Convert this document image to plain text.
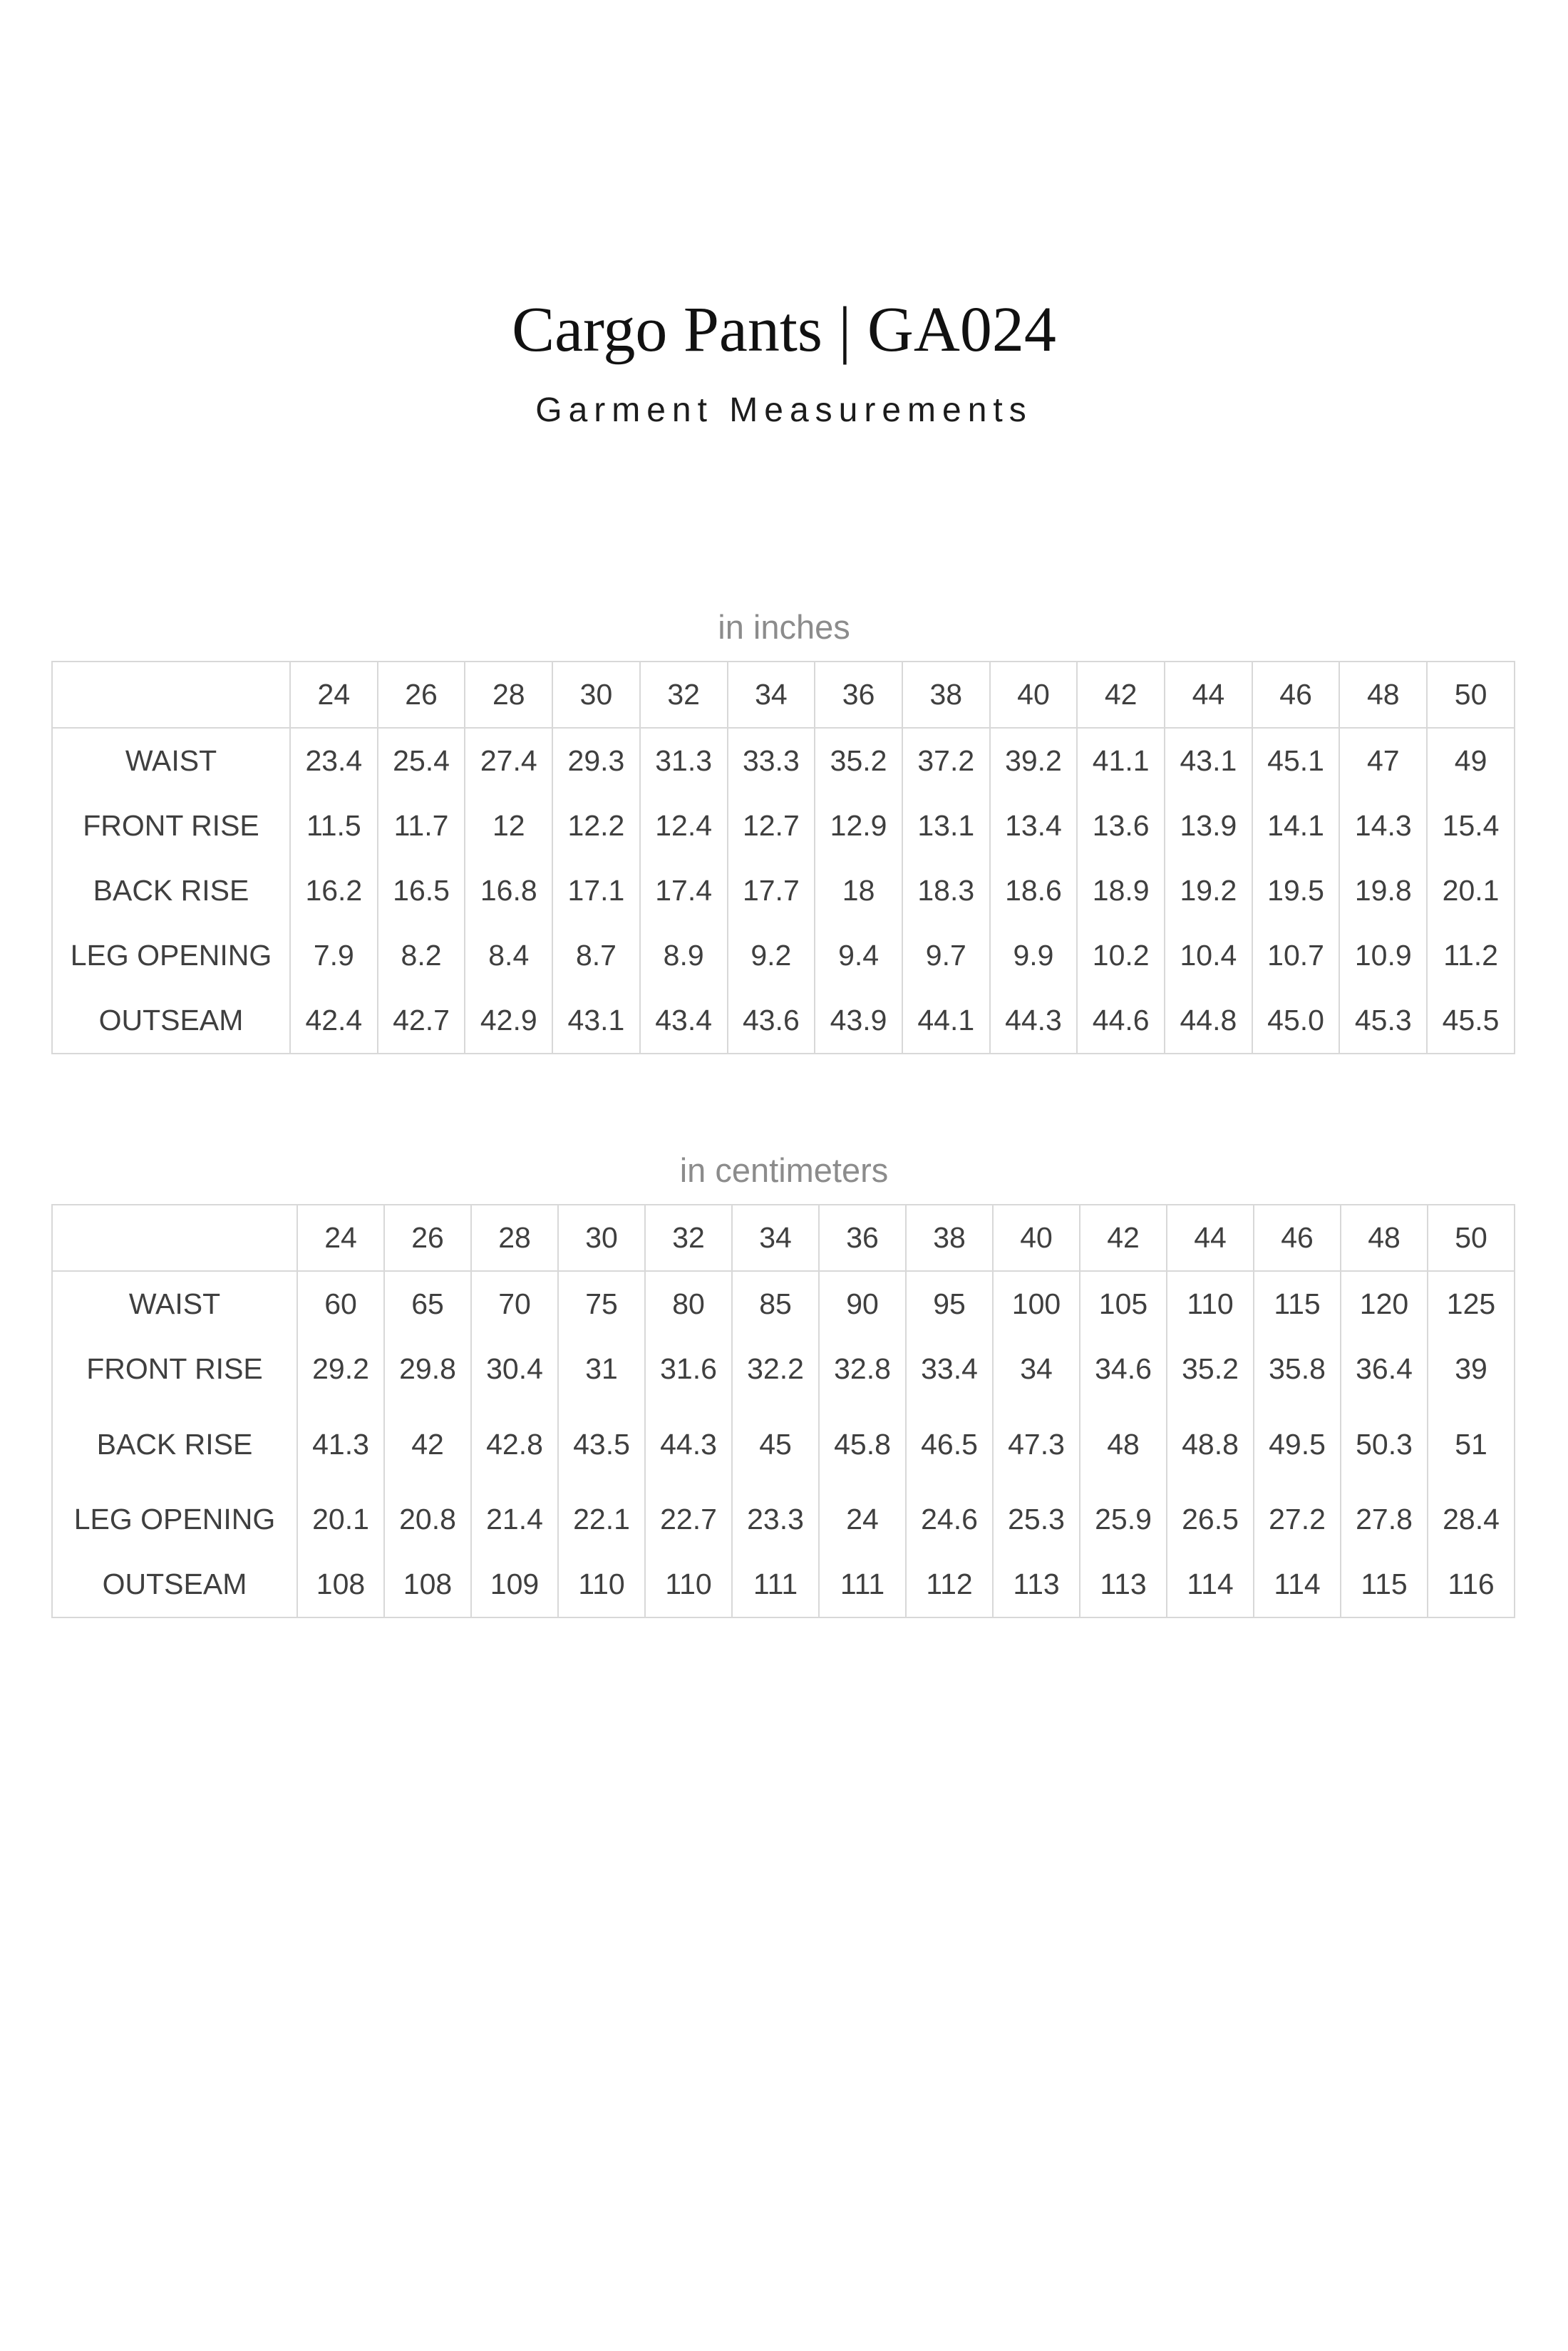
Cargo Pants | GA024
Garment Measurements
in inches
	24	26	28	30	32	34	36	38	40	42	44	46	48	50
WAIST	23.4	25.4	27.4	29.3	31.3	33.3	35.2	37.2	39.2	41.1	43.1	45.1	47	49
FRONT RISE	11.5	11.7	12	12.2	12.4	12.7	12.9	13.1	13.4	13.6	13.9	14.1	14.3	15.4
BACK RISE	16.2	16.5	16.8	17.1	17.4	17.7	18	18.3	18.6	18.9	19.2	19.5	19.8	20.1
LEG OPENING	7.9	8.2	8.4	8.7	8.9	9.2	9.4	9.7	9.9	10.2	10.4	10.7	10.9	11.2
OUTSEAM	42.4	42.7	42.9	43.1	43.4	43.6	43.9	44.1	44.3	44.6	44.8	45.0	45.3	45.5
in centimeters
	24	26	28	30	32	34	36	38	40	42	44	46	48	50
WAIST	60	65	70	75	80	85	90	95	100	105	110	115	120	125
FRONT RISE	29.2	29.8	30.4	31	31.6	32.2	32.8	33.4	34	34.6	35.2	35.8	36.4	39
BACK RISE	41.3	42	42.8	43.5	44.3	45	45.8	46.5	47.3	48	48.8	49.5	50.3	51
LEG OPENING	20.1	20.8	21.4	22.1	22.7	23.3	24	24.6	25.3	25.9	26.5	27.2	27.8	28.4
OUTSEAM	108	108	109	110	110	111	111	112	113	113	114	114	115	116
